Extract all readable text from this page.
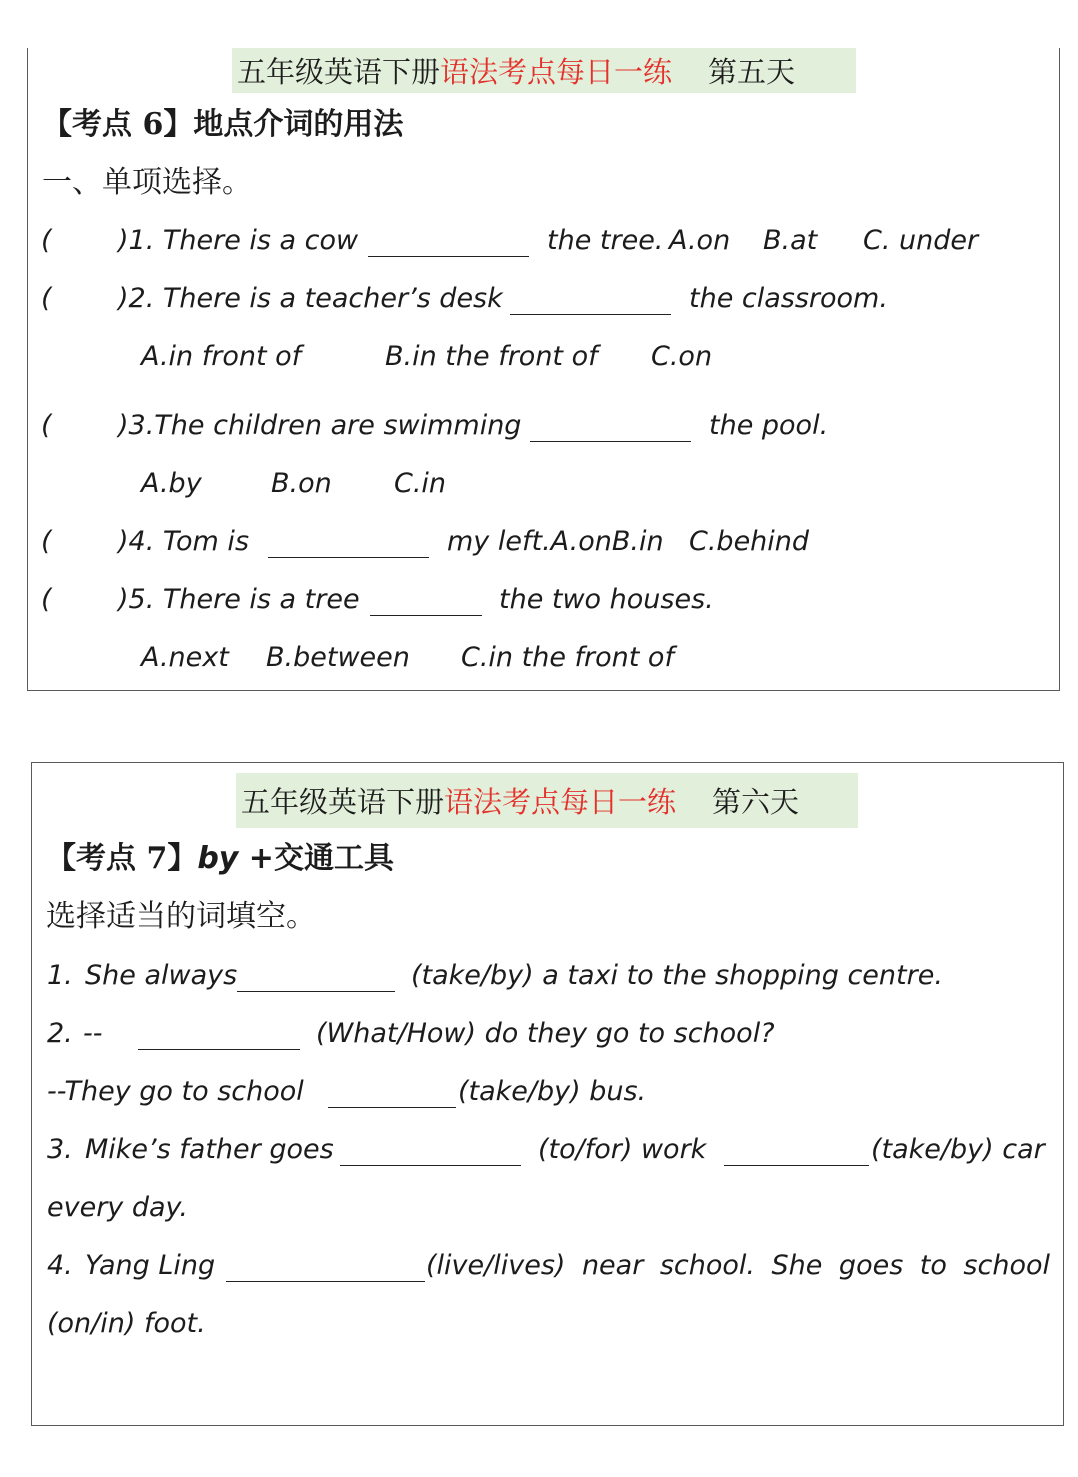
五年级英语下册 语法考点每日一练 第五天
【考点 6】地点介词的用法
一、单项选择。
( )1. There is a cow	the tree. A.on B.at C. under
( )2. There is a teacher’s desk	the classroom.
A.in front of	B.in the front of C.on
( )3.The children are swimming	the pool.
A.by	B.on C.in
( )4. Tom is	my left.A.onB.in C.behind
( )5. There is a tree	the two houses.
A.next B.between C.in the front of
五年级英语下册 语法考点每日一练 第六天
【考点 7】by +交通工具
选择适当的词填空。
1. She always	(take/by) a taxi to the shopping centre.
2. --	(What/How) do they go to school?
--They go to school	(take/by) bus.
3. Mike’s father goes	(to/for) work	(take/by) car
every day.
4. Yang Ling	(live/lives) near school. She goes to school
(on/in) foot.
